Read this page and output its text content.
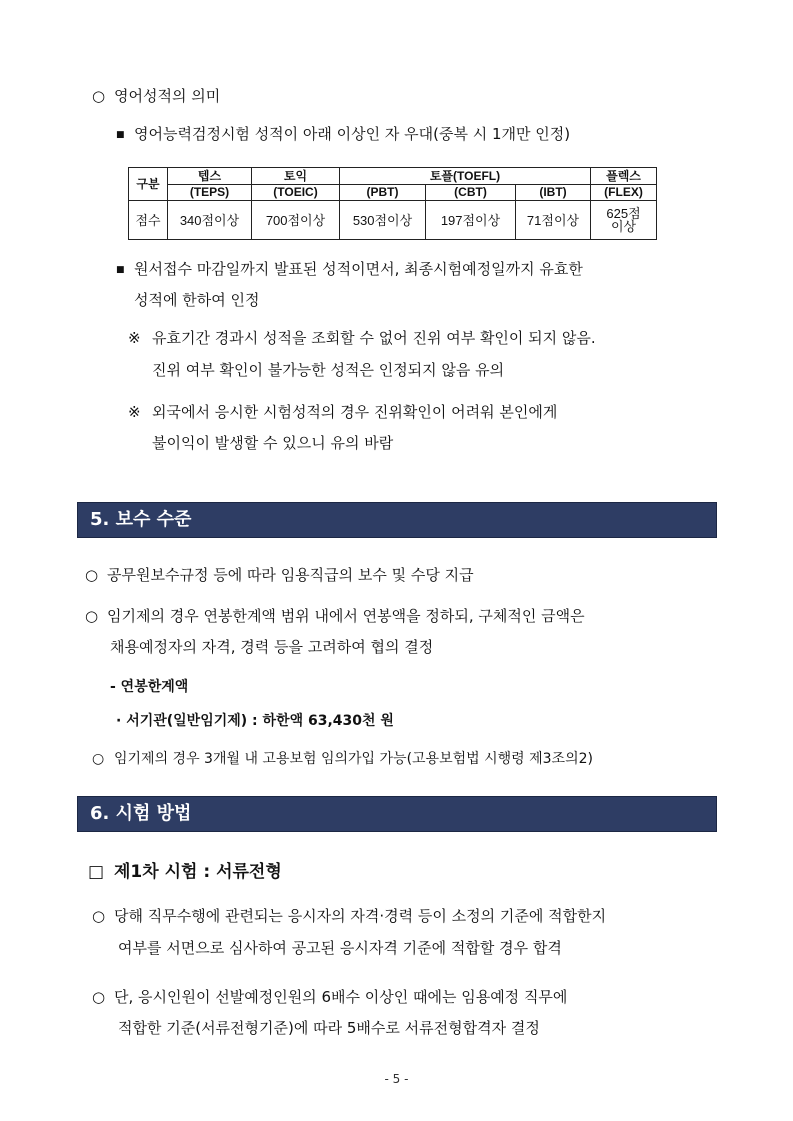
○ 영어성적의 의미
■ 영어능력검정시험 성적이 아래 이상인 자 우대(중복 시 1개만 인정)
구분	텝스	토익	토플(TOEFL)			플렉스
	(TEPS)	(TOEIC)	(PBT)	(CBT)	(IBT)	(FLEX)
점수	340점이상	700점이상	530점이상	197점이상	71점이상	625점
이상
■ 원서접수 마감일까지 발표된 성적이면서, 최종시험예정일까지 유효한
성적에 한하여 인정
※ 유효기간 경과시 성적을 조회할 수 없어 진위 여부 확인이 되지 않음.
진위 여부 확인이 불가능한 성적은 인정되지 않음 유의
※ 외국에서 응시한 시험성적의 경우 진위확인이 어려워 본인에게
불이익이 발생할 수 있으니 유의 바람
5. 보수 수준
○ 공무원보수규정 등에 따라 임용직급의 보수 및 수당 지급
○ 임기제의 경우 연봉한계액 범위 내에서 연봉액을 정하되, 구체적인 금액은
채용예정자의 자격, 경력 등을 고려하여 협의 결정
- 연봉한계액
· 서기관(일반임기제) : 하한액 63,430천 원
○ 임기제의 경우 3개월 내 고용보험 임의가입 가능(고용보험법 시행령 제3조의2)
6. 시험 방법
□ 제1차 시험 : 서류전형
○ 당해 직무수행에 관련되는 응시자의 자격·경력 등이 소정의 기준에 적합한지
여부를 서면으로 심사하여 공고된 응시자격 기준에 적합할 경우 합격
○ 단, 응시인원이 선발예정인원의 6배수 이상인 때에는 임용예정 직무에
적합한 기준(서류전형기준)에 따라 5배수로 서류전형합격자 결정
- 5 -
